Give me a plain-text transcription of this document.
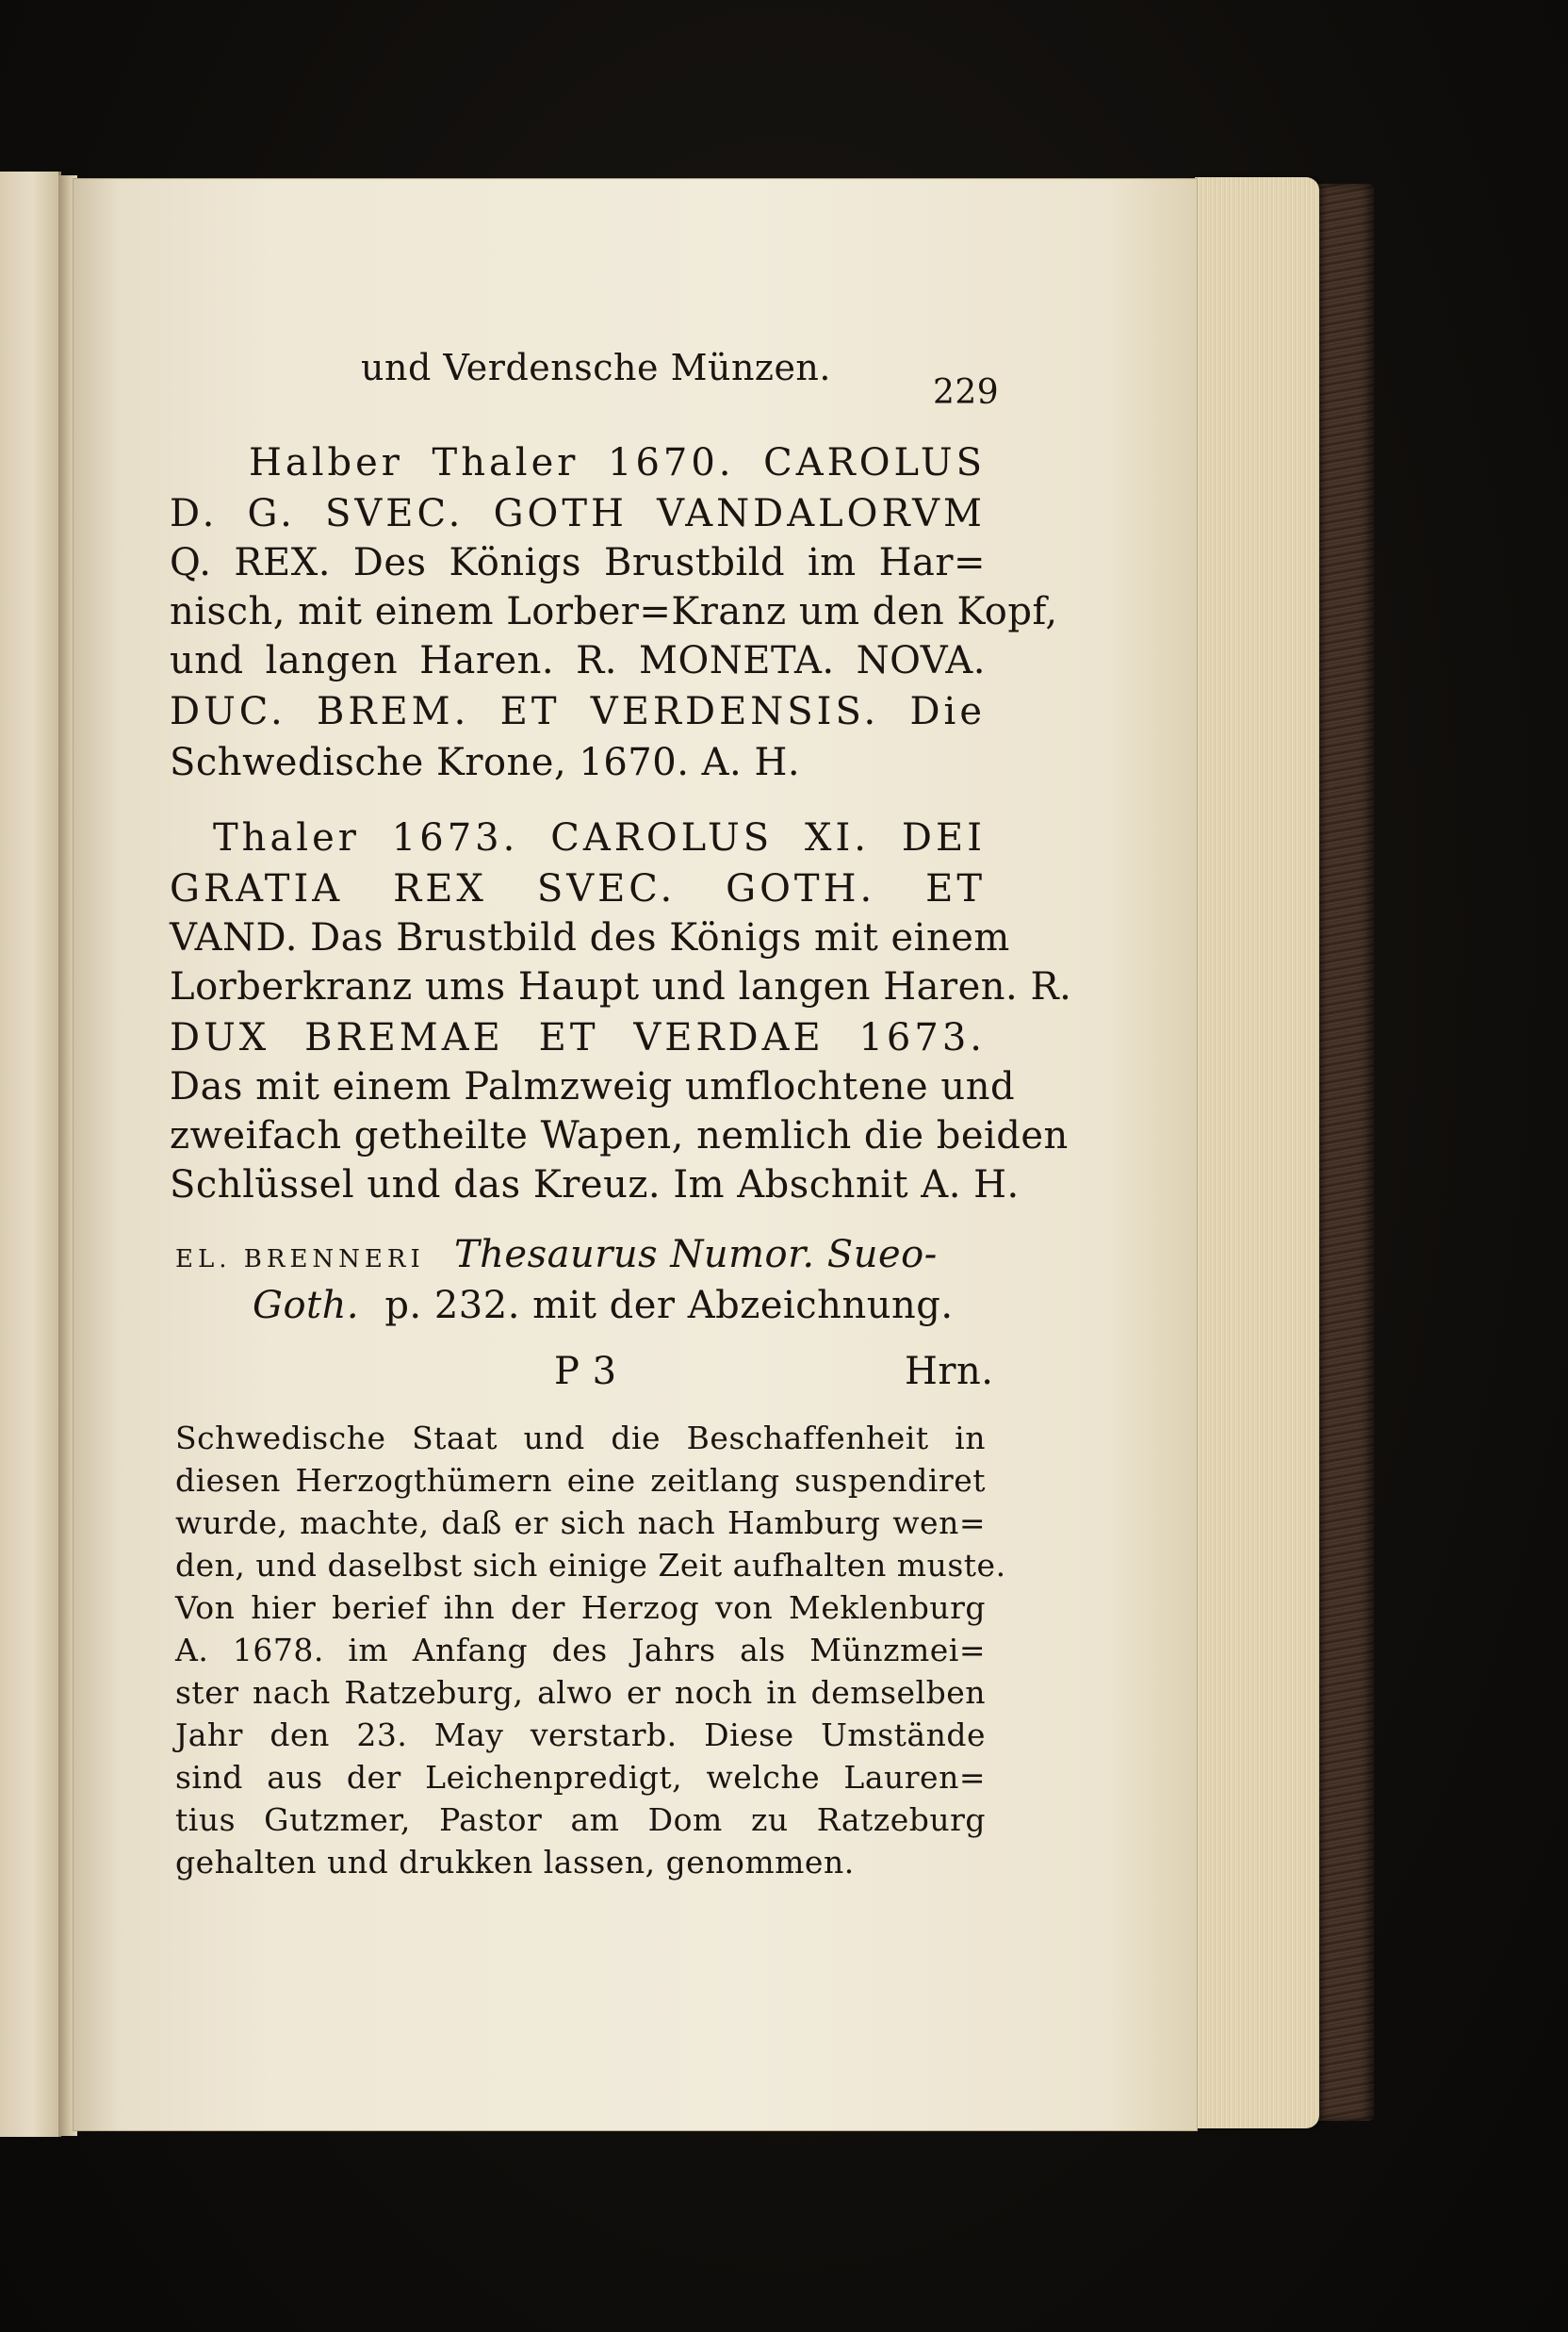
und Verdensche Münzen.
229
Halber Thaler 1670. CAROLUS
D. G. SVEC. GOTH VANDALORVM
Q. REX. Des Königs Brustbild im Har=
nisch, mit einem Lorber=Kranz um den Kopf,
und langen Haren. R. MONETA. NOVA.
DUC. BREM. ET VERDENSIS. Die
Schwedische Krone, 1670. A. H.
Thaler 1673. CAROLUS XI. DEI
GRATIA REX SVEC. GOTH. ET
VAND. Das Brustbild des Königs mit einem
Lorberkranz ums Haupt und langen Haren. R.
DUX BREMAE ET VERDAE 1673.
Das mit einem Palmzweig umflochtene und
zweifach getheilte Wapen, nemlich die beiden
Schlüssel und das Kreuz. Im Abschnit A. H.
EL. BRENNERI Thesaurus Numor. Sueo-
Goth. p. 232. mit der Abzeichnung.
P 3	Hrn.
Schwedische Staat und die Beschaffenheit in
diesen Herzogthümern eine zeitlang suspendiret
wurde, machte, daß er sich nach Hamburg wen=
den, und daselbst sich einige Zeit aufhalten muste.
Von hier berief ihn der Herzog von Meklenburg
A. 1678. im Anfang des Jahrs als Münzmei=
ster nach Ratzeburg, alwo er noch in demselben
Jahr den 23. May verstarb. Diese Umstände
sind aus der Leichenpredigt, welche Lauren=
tius Gutzmer, Pastor am Dom zu Ratzeburg
gehalten und drukken lassen, genommen.
